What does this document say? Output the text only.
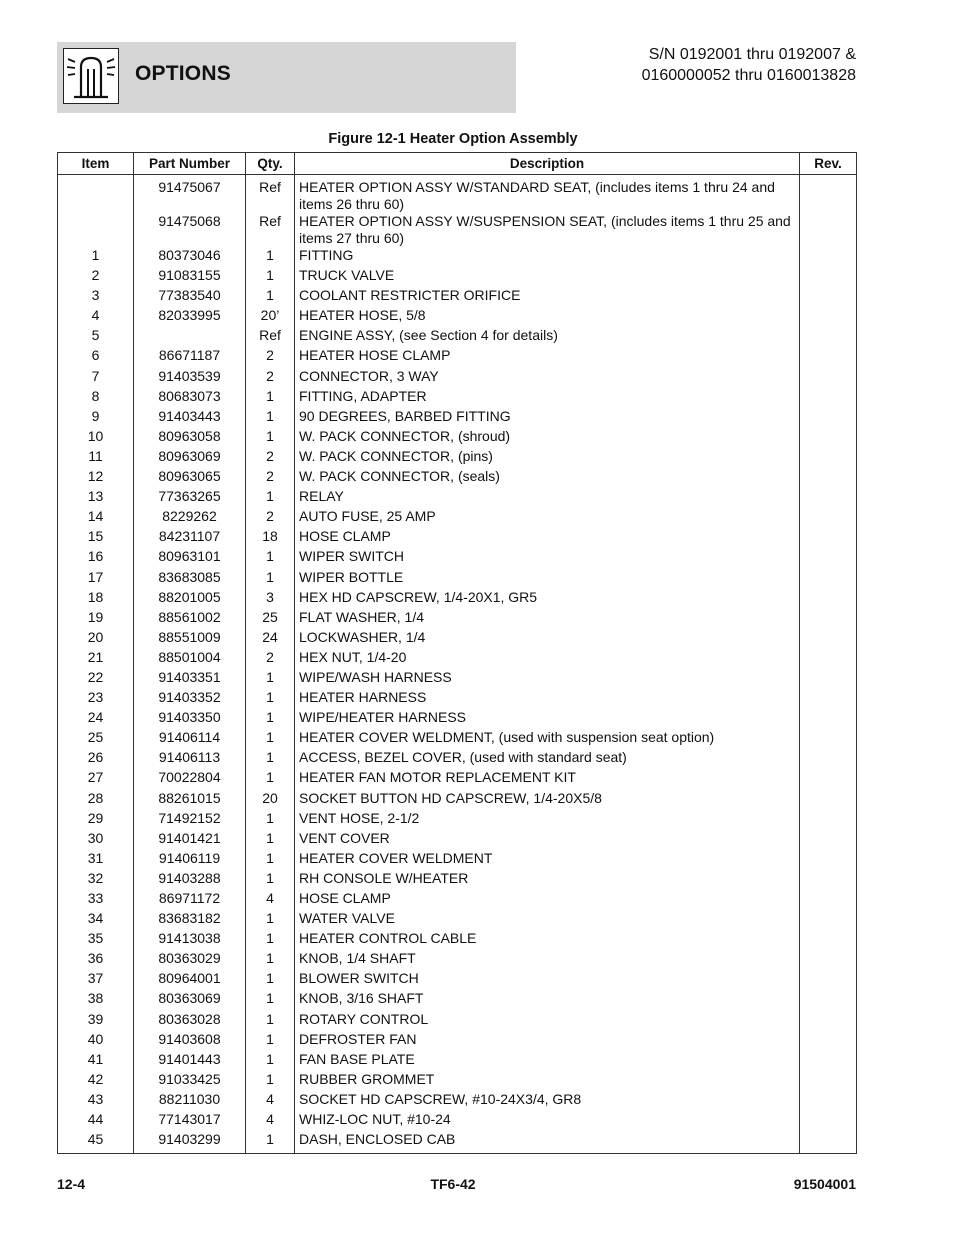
OPTIONS
S/N 0192001 thru 0192007 &
0160000052 thru 0160013828
Figure 12-1 Heater Option Assembly
Item	Part Number	Qty.	Description	Rev.
	91475067	Ref	HEATER OPTION ASSY W/STANDARD SEAT, (includes items 1 thru 24 and items 26 thru 60)	
	91475068	Ref	HEATER OPTION ASSY W/SUSPENSION SEAT, (includes items 1 thru 25 and items 27 thru 60)	
1	80373046	1	FITTING	
2	91083155	1	TRUCK VALVE	
3	77383540	1	COOLANT RESTRICTER ORIFICE	
4	82033995	20’	HEATER HOSE, 5/8	
5		Ref	ENGINE ASSY, (see Section 4 for details)	
6	86671187	2	HEATER HOSE CLAMP	
7	91403539	2	CONNECTOR, 3 WAY	
8	80683073	1	FITTING, ADAPTER	
9	91403443	1	90 DEGREES, BARBED FITTING	
10	80963058	1	W. PACK CONNECTOR, (shroud)	
11	80963069	2	W. PACK CONNECTOR, (pins)	
12	80963065	2	W. PACK CONNECTOR, (seals)	
13	77363265	1	RELAY	
14	8229262	2	AUTO FUSE, 25 AMP	
15	84231107	18	HOSE CLAMP	
16	80963101	1	WIPER SWITCH	
17	83683085	1	WIPER BOTTLE	
18	88201005	3	HEX HD CAPSCREW, 1/4-20X1, GR5	
19	88561002	25	FLAT WASHER, 1/4	
20	88551009	24	LOCKWASHER, 1/4	
21	88501004	2	HEX NUT, 1/4-20	
22	91403351	1	WIPE/WASH HARNESS	
23	91403352	1	HEATER HARNESS	
24	91403350	1	WIPE/HEATER HARNESS	
25	91406114	1	HEATER COVER WELDMENT, (used with suspension seat option)	
26	91406113	1	ACCESS, BEZEL COVER, (used with standard seat)	
27	70022804	1	HEATER FAN MOTOR REPLACEMENT KIT	
28	88261015	20	SOCKET BUTTON HD CAPSCREW, 1/4-20X5/8	
29	71492152	1	VENT HOSE, 2-1/2	
30	91401421	1	VENT COVER	
31	91406119	1	HEATER COVER WELDMENT	
32	91403288	1	RH CONSOLE W/HEATER	
33	86971172	4	HOSE CLAMP	
34	83683182	1	WATER VALVE	
35	91413038	1	HEATER CONTROL CABLE	
36	80363029	1	KNOB, 1/4 SHAFT	
37	80964001	1	BLOWER SWITCH	
38	80363069	1	KNOB, 3/16 SHAFT	
39	80363028	1	ROTARY CONTROL	
40	91403608	1	DEFROSTER FAN	
41	91401443	1	FAN BASE PLATE	
42	91033425	1	RUBBER GROMMET	
43	88211030	4	SOCKET HD CAPSCREW, #10-24X3/4, GR8	
44	77143017	4	WHIZ-LOC NUT, #10-24	
45	91403299	1	DASH, ENCLOSED CAB	
12-4	TF6-42	91504001
